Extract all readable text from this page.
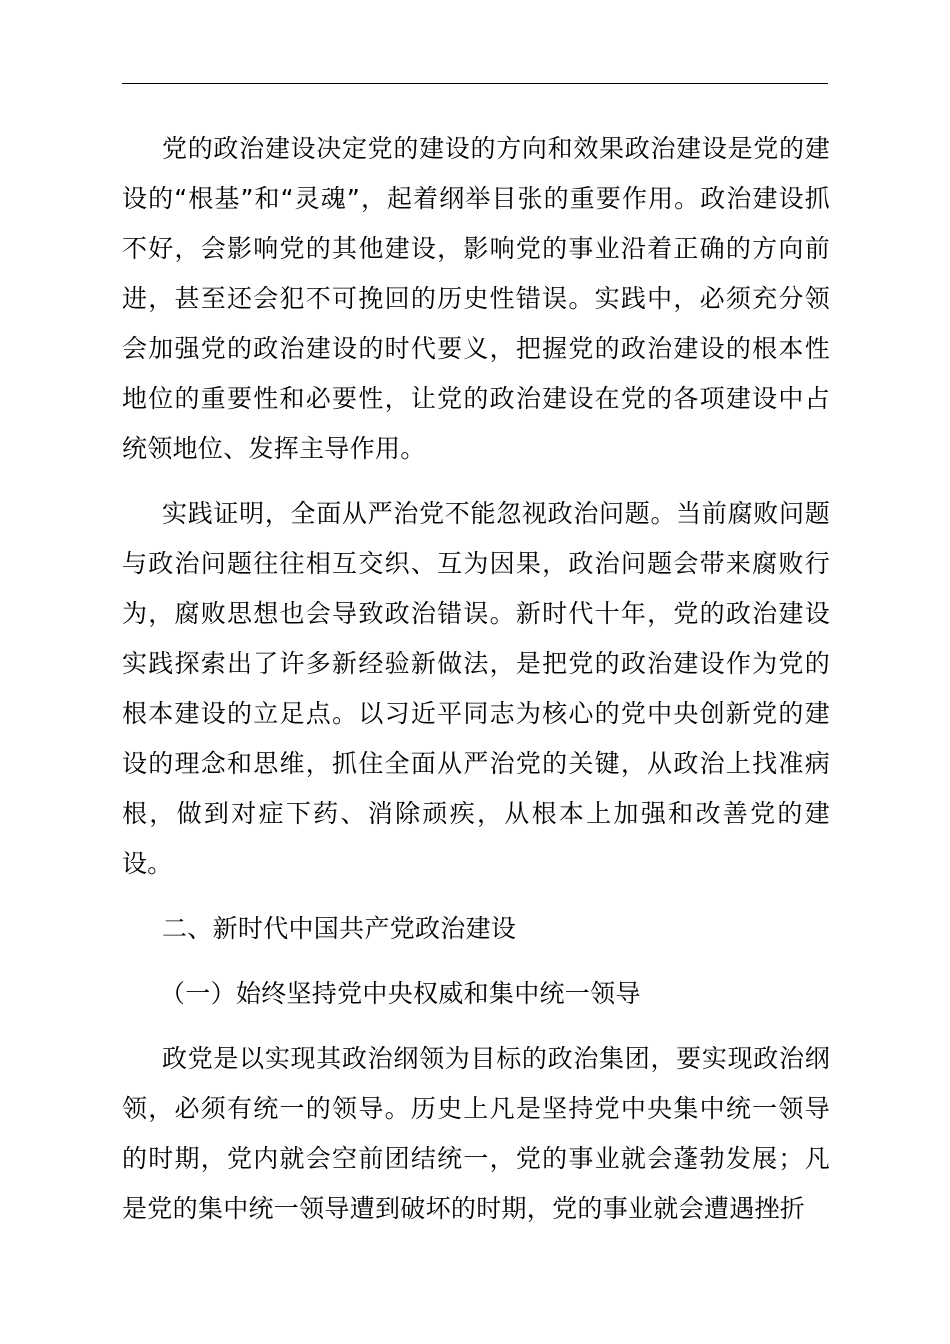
党的政治建设决定党的建设的方向和效果政治建设是党的建设的“根基”和“灵魂”，起着纲举目张的重要作用。政治建设抓不好，会影响党的其他建设，影响党的事业沿着正确的方向前进，甚至还会犯不可挽回的历史性错误。实践中，必须充分领会加强党的政治建设的时代要义，把握党的政治建设的根本性地位的重要性和必要性，让党的政治建设在党的各项建设中占统领地位、发挥主导作用。

实践证明，全面从严治党不能忽视政治问题。当前腐败问题与政治问题往往相互交织、互为因果，政治问题会带来腐败行为，腐败思想也会导致政治错误。新时代十年，党的政治建设实践探索出了许多新经验新做法，是把党的政治建设作为党的根本建设的立足点。以习近平同志为核心的党中央创新党的建设的理念和思维，抓住全面从严治党的关键，从政治上找准病根，做到对症下药、消除顽疾，从根本上加强和改善党的建设。

二、新时代中国共产党政治建设
（一）始终坚持党中央权威和集中统一领导

政党是以实现其政治纲领为目标的政治集团，要实现政治纲领，必须有统一的领导。历史上凡是坚持党中央集中统一领导的时期，党内就会空前团结统一，党的事业就会蓬勃发展；凡是党的集中统一领导遭到破坏的时期，党的事业就会遭遇挫折
